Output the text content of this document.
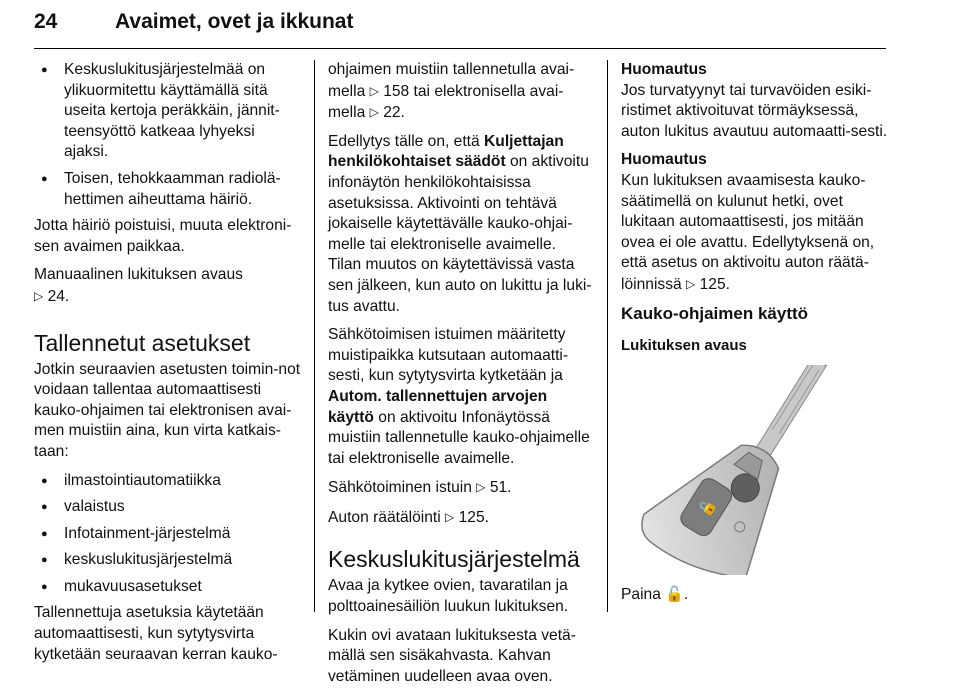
24	Avaimet, ovet ja ikkunat
● Keskuslukitusjärjestelmää on ylikuormitettu käyttämällä sitä useita kertoja peräkkäin, jännit-teensyöttö katkeaa lyhyeksi ajaksi.
● Toisen, tehokkaamman radiolä-hettimen aiheuttama häiriö.

Jotta häiriö poistuisi, muuta elektroni-sen avaimen paikkaa.

Manuaalinen lukituksen avaus
▷ 24.

Tallennetut asetukset

Jotkin seuraavien asetusten toimin-not voidaan tallentaa automaattisesti kauko-ohjaimen tai elektronisen avai-men muistiin aina, kun virta katkais-taan:

● ilmastointiautomatiikka
● valaistus
● Infotainment-järjestelmä
● keskuslukitusjärjestelmä
● mukavuusasetukset

Tallennettuja asetuksia käytetään automaattisesti, kun sytytysvirta kytketään seuraavan kerran kauko-

ohjaimen muistiin tallennetulla avai-mella ▷ 158 tai elektronisella avai-mella ▷ 22.

Edellytys tälle on, että Kuljettajan henkilökohtaiset säädöt on aktivoitu infonäytön henkilökohtaisissa asetuksissa. Aktivointi on tehtävä jokaiselle käytettävälle kauko-ohjai-melle tai elektroniselle avaimelle. Tilan muutos on käytettävissä vasta sen jälkeen, kun auto on lukittu ja luki-tus avattu.

Sähkötoimisen istuimen määritetty muistipaikka kutsutaan automaatti-sesti, kun sytytysvirta kytketään ja Autom. tallennettujen arvojen käyttö on aktivoitu Infonäytössä muistiin tallennetulle kauko-ohjaimelle tai elektroniselle avaimelle.

Sähkötoiminen istuin ▷ 51.

Auton räätälöinti ▷ 125.

Keskuslukitusjärjestelmä

Avaa ja kytkee ovien, tavaratilan ja polttoainesäiliön luukun lukituksen.

Kukin ovi avataan lukituksesta vetä-mällä sen sisäkahvasta. Kahvan vetäminen uudelleen avaa oven.

Huomautus
Jos turvatyynyt tai turvavöiden esiki-ristimet aktivoituvat törmäyksessä, auton lukitus avautuu automaatti-sesti.

Huomautus
Kun lukituksen avaamisesta kauko-säätimellä on kulunut hetki, ovet lukitaan automaattisesti, jos mitään ovea ei ole avattu. Edellytyksenä on, että asetus on aktivoitu auton räätä-löinnissä ▷ 125.

Kauko-ohjaimen käyttö
Lukituksen avaus
🔓

Paina 🔓.
